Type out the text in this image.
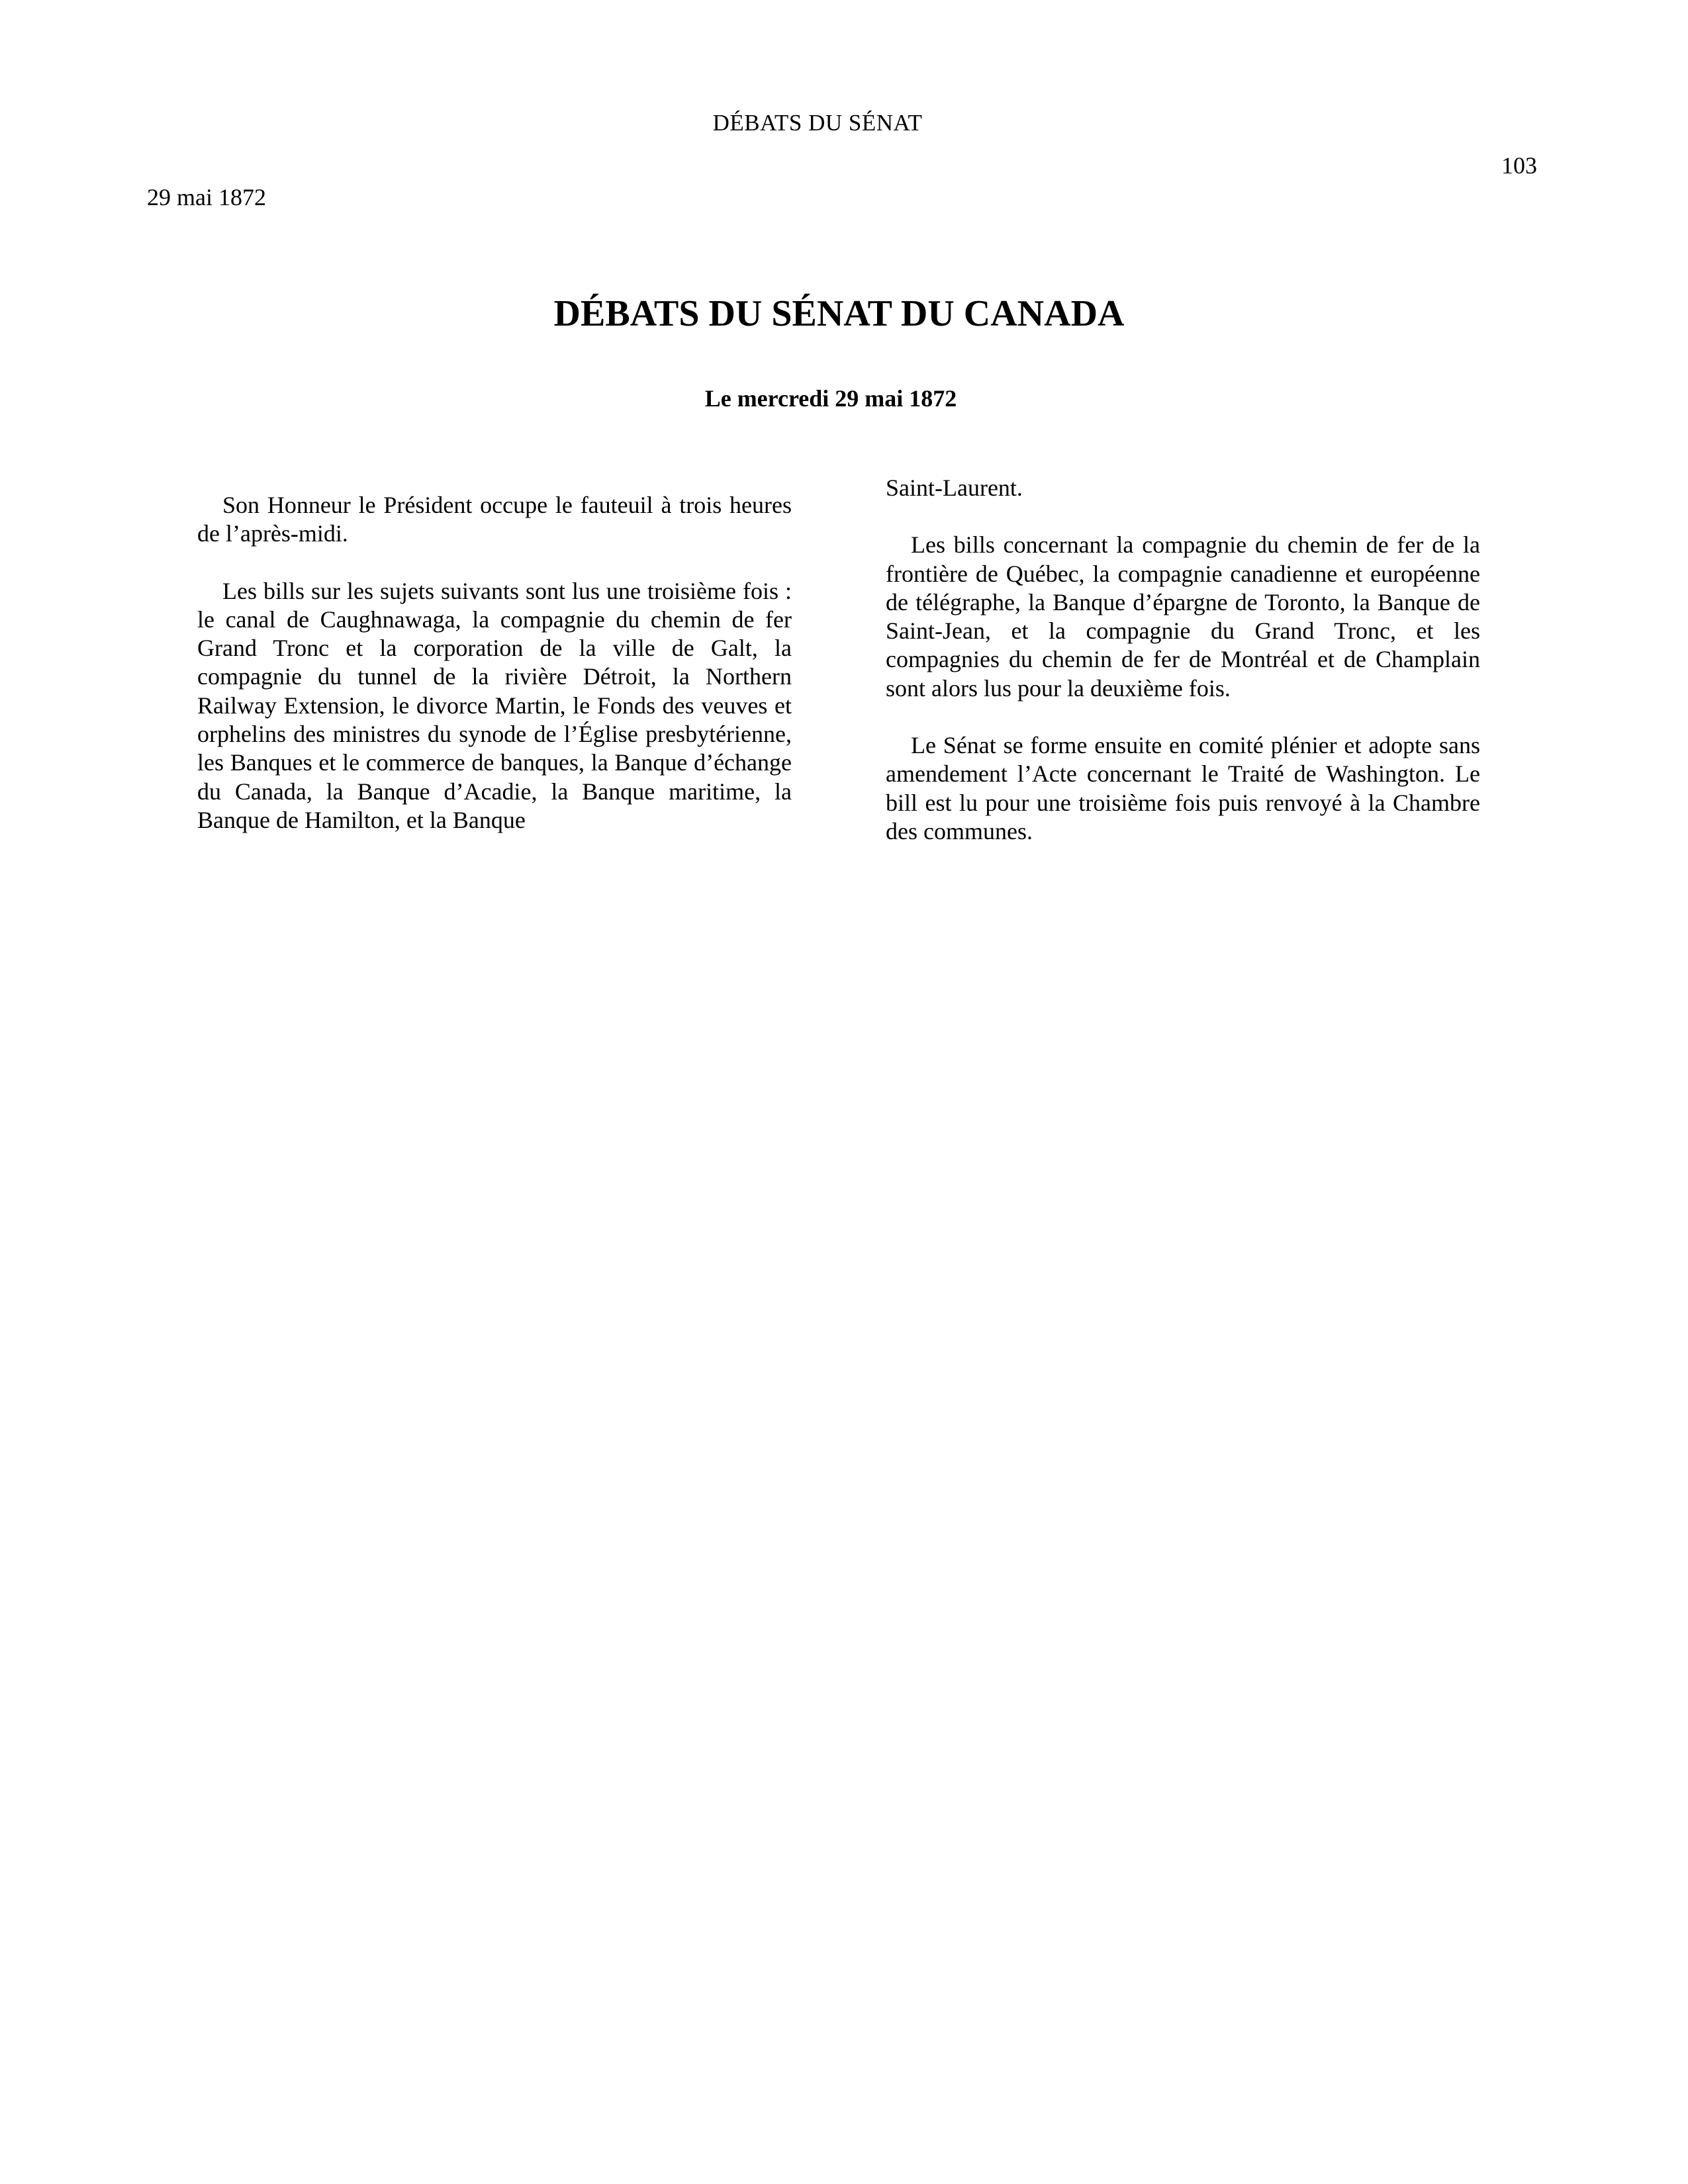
DÉBATS DU SÉNAT
103
29 mai 1872
DÉBATS DU SÉNAT DU CANADA
Le mercredi 29 mai 1872

Son Honneur le Président occupe le fauteuil à trois heures de l’après-midi.

Les bills sur les sujets suivants sont lus une troisième fois : le canal de Caughnawaga, la compagnie du chemin de fer Grand Tronc et la corporation de la ville de Galt, la compagnie du tunnel de la rivière Détroit, la Northern Railway Extension, le divorce Martin, le Fonds des veuves et orphelins des ministres du synode de l’Église presbytérienne, les Banques et le commerce de banques, la Banque d’échange du Canada, la Banque d’Acadie, la Banque maritime, la Banque de Hamilton, et la Banque

Saint-Laurent.

Les bills concernant la compagnie du chemin de fer de la frontière de Québec, la compagnie canadienne et européenne de télégraphe, la Banque d’épargne de Toronto, la Banque de Saint-Jean, et la compagnie du Grand Tronc, et les compagnies du chemin de fer de Montréal et de Champlain sont alors lus pour la deuxième fois.

Le Sénat se forme ensuite en comité plénier et adopte sans amendement l’Acte concernant le Traité de Washington. Le bill est lu pour une troisième fois puis renvoyé à la Chambre des communes.
